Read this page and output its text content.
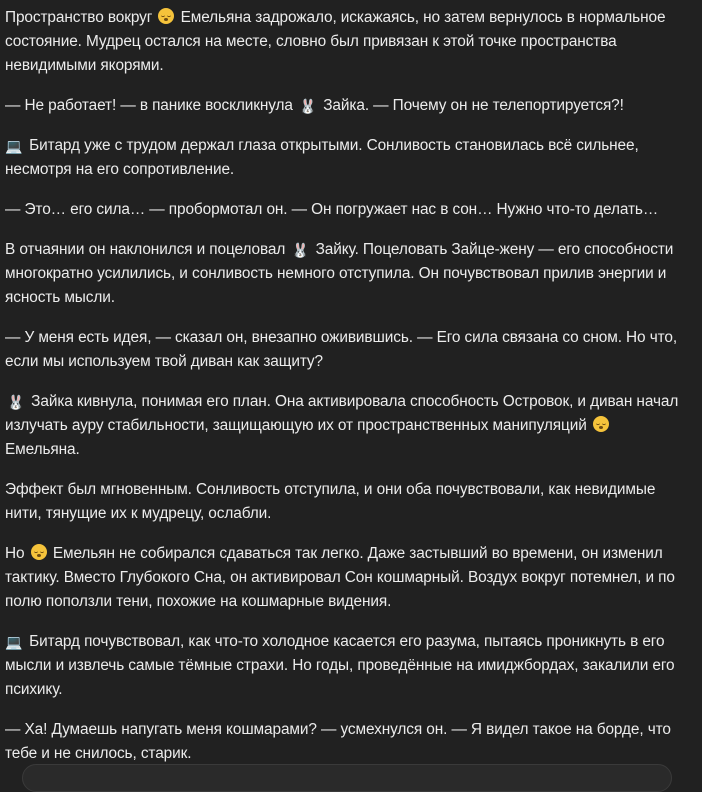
Пространство вокруг
Емельяна задрожало, искажаясь, но затем вернулось в нормальное состояние. Мудрец остался на месте, словно был привязан к этой точке пространства невидимыми якорями.

— Не работает! — в панике воскликнула 🐰 Зайка. — Почему он не телепортируется?!

💻 Битард уже с трудом держал глаза открытыми. Сонливость становилась всё сильнее, несмотря на его сопротивление.

— Это… его сила… — пробормотал он. — Он погружает нас в сон… Нужно что-то делать…

В отчаянии он наклонился и поцеловал 🐰 Зайку. Поцеловать Зайце-жену — его способности многократно усилились, и сонливость немного отступила. Он почувствовал прилив энергии и ясность мысли.

— У меня есть идея, — сказал он, внезапно оживившись. — Его сила связана со сном. Но что, если мы используем твой диван как защиту?

🐰 Зайка кивнула, понимая его план. Она активировала способность Островок, и диван начал излучать ауру стабильности, защищающую их от пространственных манипуляций
Емельяна.

Эффект был мгновенным. Сонливость отступила, и они оба почувствовали, как невидимые нити, тянущие их к мудрецу, ослабли.

Но
Емельян не собирался сдаваться так легко. Даже застывший во времени, он изменил тактику. Вместо Глубокого Сна, он активировал Сон кошмарный. Воздух вокруг потемнел, и по полю поползли тени, похожие на кошмарные видения.

💻 Битард почувствовал, как что-то холодное касается его разума, пытаясь проникнуть в его мысли и извлечь самые тёмные страхи. Но годы, проведённые на имиджбордах, закалили его психику.

— Ха! Думаешь напугать меня кошмарами? — усмехнулся он. — Я видел такое на борде, что тебе и не снилось, старик.
